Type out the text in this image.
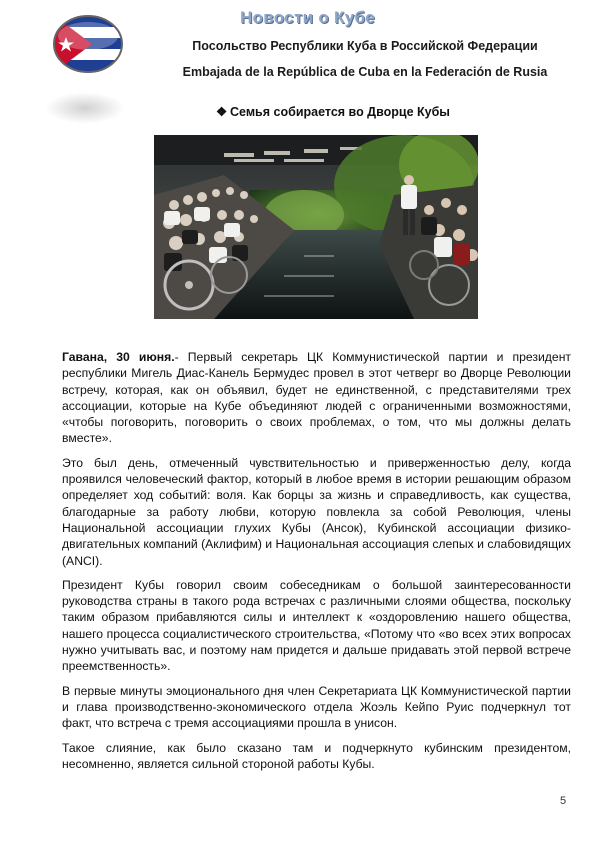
Новости о Кубе
Посольство Республики Куба в Российской Федерации
Embajada de la República de Cuba en la Federación de Rusia
❖ Семья собирается во Дворце Кубы

Гавана, 30 июня.- Первый секретарь ЦК Коммунистической партии и президент республики Мигель Диас-Канель Бермудес провел в этот четверг во Дворце Революции встречу, которая, как он объявил, будет не единственной, с представителями трех ассоциации, которые на Кубе объединяют людей с ограниченными возможностями, «чтобы поговорить, поговорить о своих проблемах, о том, что мы должны делать вместе».

Это был день, отмеченный чувствительностью и приверженностью делу, когда проявился человеческий фактор, который в любое время в истории решающим образом определяет ход событий: воля. Как борцы за жизнь и справедливость, как существа, благодарные за работу любви, которую повлекла за собой Революция, члены Национальной ассоциации глухих Кубы (Ансок), Кубинской ассоциации физико-двигательных компаний (Аклифим) и Национальная ассоциация слепых и слабовидящих (ANCI).

Президент Кубы говорил своим собеседникам о большой заинтересованности руководства страны в такого рода встречах с различными слоями общества, поскольку таким образом прибавляются силы и интеллект к «оздоровлению нашего общества, нашего процесса социалистического строительства, «Потому что «во всех этих вопросах нужно учитывать вас, и поэтому нам придется и дальше придавать этой первой встрече преемственность».

В первые минуты эмоционального дня член Секретариата ЦК Коммунистической партии и глава производственно-экономического отдела Жоэль Кейпо Руис подчеркнул тот факт, что встреча с тремя ассоциациями прошла в унисон.

Такое слияние, как было сказано там и подчеркнуто кубинским президентом, несомненно, является сильной стороной работы Кубы.

5
